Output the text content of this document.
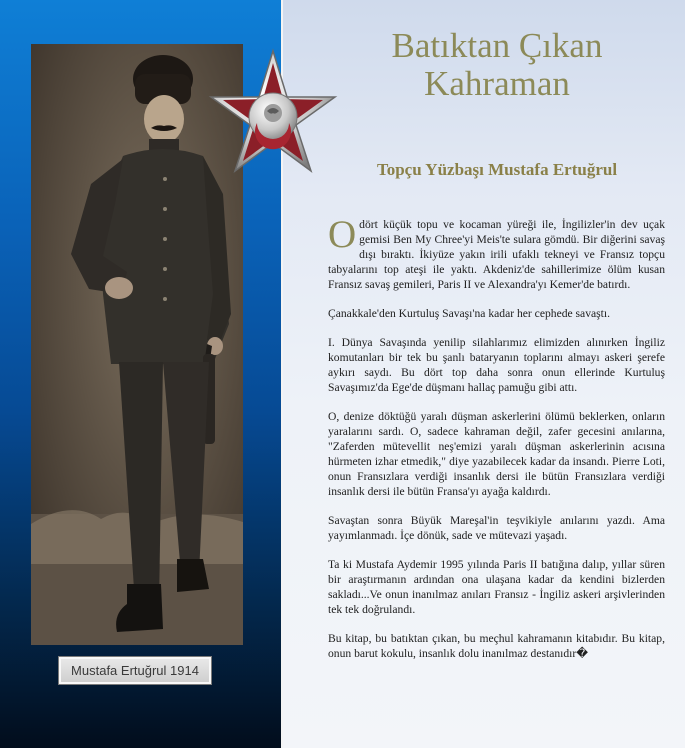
Mustafa Ertuğrul 1914
Batıktan Çıkan
Kahraman
Topçu Yüzbaşı Mustafa Ertuğrul

O dört küçük topu ve kocaman yüreği ile, İngilizler'in dev uçak gemisi Ben My Chree'yi Meis'te sulara gömdü. Bir diğerini savaş dışı bıraktı. İkiyüze yakın irili ufaklı tekneyi ve Fransız topçu tabyalarını top ateşi ile yaktı. Akdeniz'de sahillerimize ölüm kusan Fransız savaş gemileri, Paris II ve Alexandra'yı Kemer'de batırdı.

Çanakkale'den Kurtuluş Savaşı'na kadar her cephede savaştı.

I. Dünya Savaşında yenilip silahlarımız elimizden alınırken İngiliz komutanları bir tek bu şanlı bataryanın toplarını almayı askeri şerefe aykırı saydı. Bu dört top daha sonra onun ellerinde Kurtuluş Savaşımız'da Ege'de düşmanı hallaç pamuğu gibi attı.

O, denize döktüğü yaralı düşman askerlerini ölümü beklerken, onların yaralarını sardı. O, sadece kahraman değil, zafer gecesini anılarına, "Zaferden mütevellit neş'emizi yaralı düşman askerlerinin acısına hürmeten izhar etmedik," diye yazabilecek kadar da insandı. Pierre Loti, onun Fransızlara verdiği insanlık dersi ile bütün Fransızlara verdiği insanlık dersi ile bütün Fransa'yı ayağa kaldırdı.

Savaştan sonra Büyük Mareşal'in teşvikiyle anılarını yazdı. Ama yayımlanmadı. İçe dönük, sade ve mütevazi yaşadı.

Ta ki Mustafa Aydemir 1995 yılında Paris II batığına dalıp, yıllar süren bir araştırmanın ardından ona ulaşana kadar da kendini bizlerden sakladı...Ve onun inanılmaz anıları Fransız - İngiliz askeri arşivlerinden tek tek doğrulandı.

Bu kitap, bu batıktan çıkan, bu meçhul kahramanın kitabıdır. Bu kitap, onun barut kokulu, insanlık dolu inanılmaz destanıdır�
